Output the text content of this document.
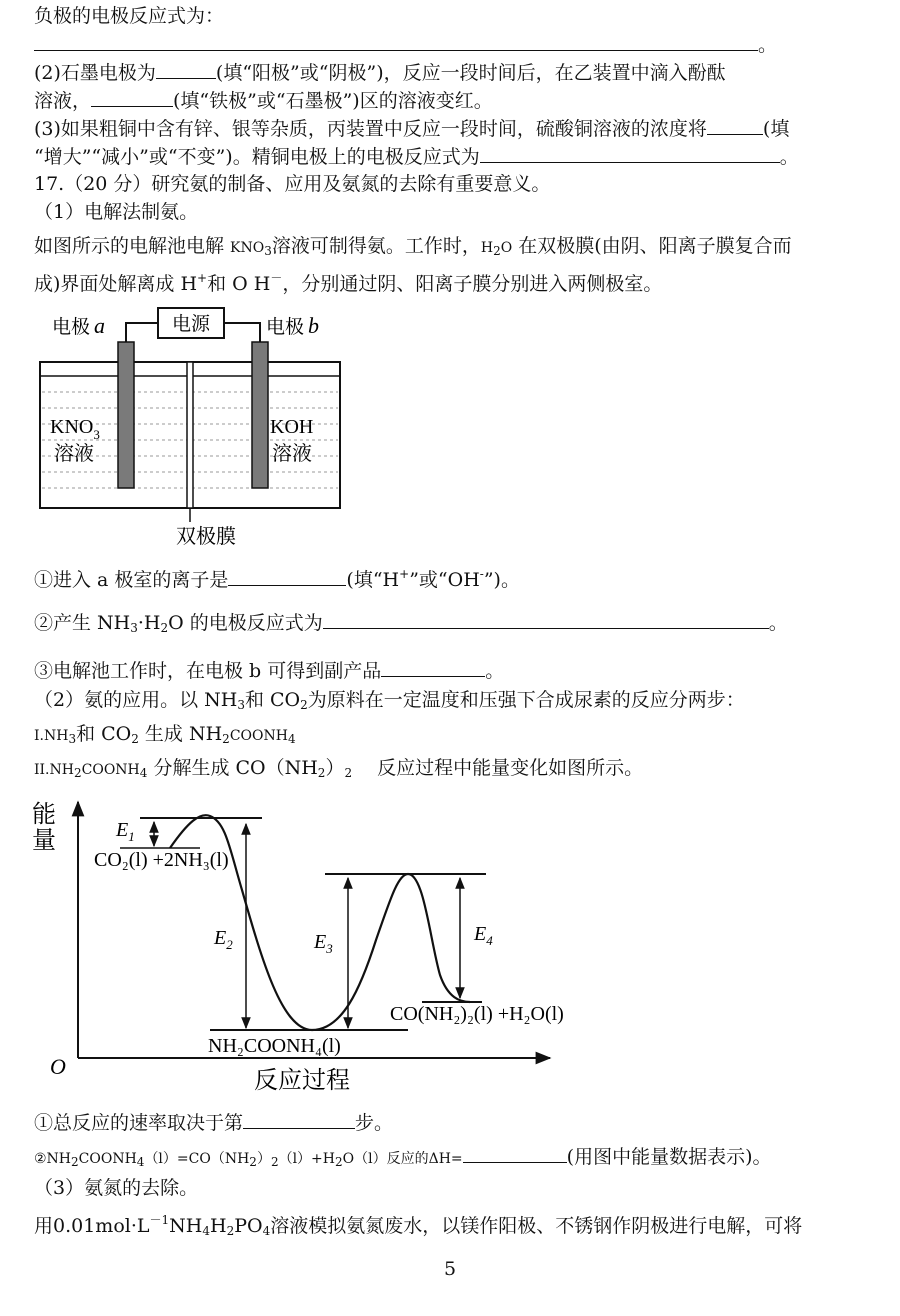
负极的电极反应式为：
。
(2)石墨电极为	(填“阳极”或“阴极”)，反应一段时间后，在乙装置中滴入酚酞
溶液，	(填“铁极”或“石墨极”)区的溶液变红。
(3)如果粗铜中含有锌、银等杂质，丙装置中反应一段时间，硫酸铜溶液的浓度将	(填
“增大”“减小”或“不变”)。精铜电极上的电极反应式为	。
17.（20 分）研究氨的制备、应用及氨氮的去除有重要意义。
（1）电解法制氨。
如图所示的电解池电解 $KNO_3$溶液可制得氨。工作时，$H_2O$ 在双极膜(由阴、阳离子膜复合而
成)界面处解离成 H+和 O H－，分别通过阴、阳离子膜分别进入两侧极室。
电源
电极 a	电极 b
$KNO_3$
溶液
KOH
溶液
双极膜
①进入 a 极室的离子是	(填“H+”或“OH-”)。
②产生 $NH_3\cdot H_2O$ 的电极反应式为	。
③电解池工作时，在电极 b 可得到副产品	。
（2）氨的应用。以 $NH_3$和 $CO_2$为原料在一定温度和压强下合成尿素的反应分两步：
$I.NH_3$和 $CO_2$ 生成 $NH_2COONH_4$
$II.NH_2COONH_4$ 分解生成 $CO(NH_2)_2$　 反应过程中能量变化如图所示。
能
量
反应过程
O
$E_1$
$E_2$	$E_3$
$E_4$
CO₂(l) +2NH₃(l)
NH₂COONH₄(l)
CO(NH₂)₂(l) +H₂O(l)
①总反应的速率取决于第	步。
$②NH_2COONH_4(l)=CO(NH_2)_2(l)+H_2O(l)$反应的ΔH=	(用图中能量数据表示)。
（3）氨氮的去除。
用$0.01mol\cdot L^{-1}NH_4H_2PO_4$溶液模拟氨氮废水，以镁作阳极、不锈钢作阴极进行电解，可将
5
